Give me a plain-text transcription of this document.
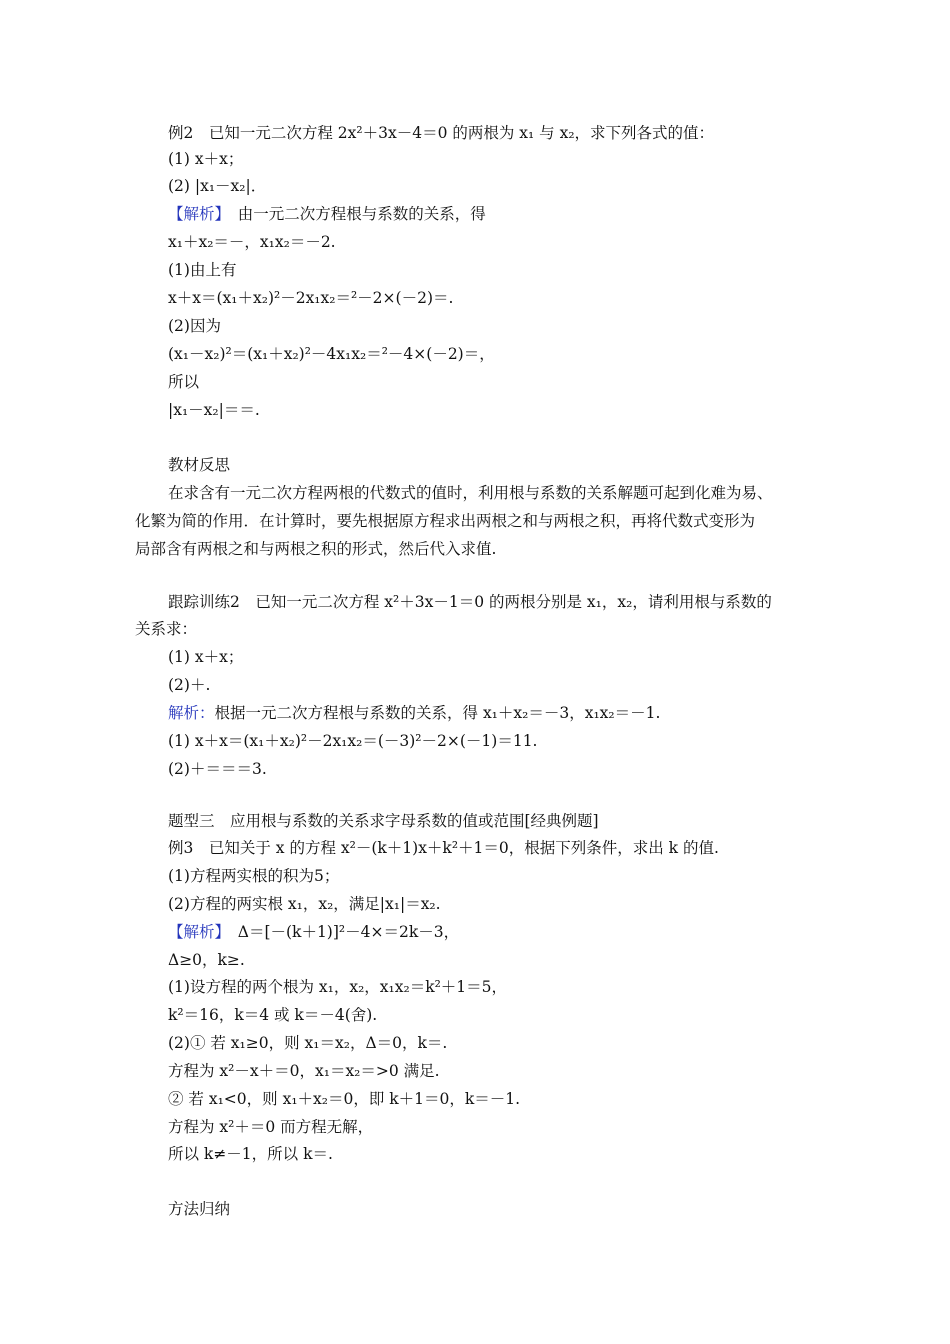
例2　已知一元二次方程 2x²＋3x－4＝0 的两根为 x₁ 与 x₂，求下列各式的值：
(1) x＋x；
(2) |x₁－x₂|．
【解析】　由一元二次方程根与系数的关系，得
x₁＋x₂＝－，x₁x₂＝－2.
(1)由上有
x＋x＝(x₁＋x₂)²－2x₁x₂＝²－2×(－2)＝.
(2)因为
(x₁－x₂)²＝(x₁＋x₂)²－4x₁x₂＝²－4×(－2)＝，
所以
|x₁－x₂|＝＝.
教材反思
在求含有一元二次方程两根的代数式的值时，利用根与系数的关系解题可起到化难为易、
化繁为简的作用．在计算时，要先根据原方程求出两根之和与两根之积，再将代数式变形为
局部含有两根之和与两根之积的形式，然后代入求值.
跟踪训练2　已知一元二次方程 x²＋3x－1＝0 的两根分别是 x₁，x₂，请利用根与系数的
关系求：
(1) x＋x；
(2)＋.
解析：根据一元二次方程根与系数的关系，得 x₁＋x₂＝－3，x₁x₂＝－1.
(1) x＋x＝(x₁＋x₂)²－2x₁x₂＝(－3)²－2×(－1)＝11.
(2)＋＝＝＝3.
题型三　应用根与系数的关系求字母系数的值或范围[经典例题]
例3　已知关于 x 的方程 x²－(k＋1)x＋k²＋1＝0，根据下列条件，求出 k 的值.
(1)方程两实根的积为5；
(2)方程的两实根 x₁，x₂，满足|x₁|＝x₂.
【解析】　Δ＝[－(k＋1)]²－4×＝2k－3，
Δ≥0，k≥.
(1)设方程的两个根为 x₁，x₂，x₁x₂＝k²＋1＝5，
k²＝16，k＝4 或 k＝－4(舍).
(2)① 若 x₁≥0，则 x₁＝x₂，Δ＝0，k＝.
方程为 x²－x＋＝0，x₁＝x₂＝>0 满足.
② 若 x₁<0，则 x₁＋x₂＝0，即 k＋1＝0，k＝－1.
方程为 x²＋＝0 而方程无解，
所以 k≠－1，所以 k＝.
方法归纳
